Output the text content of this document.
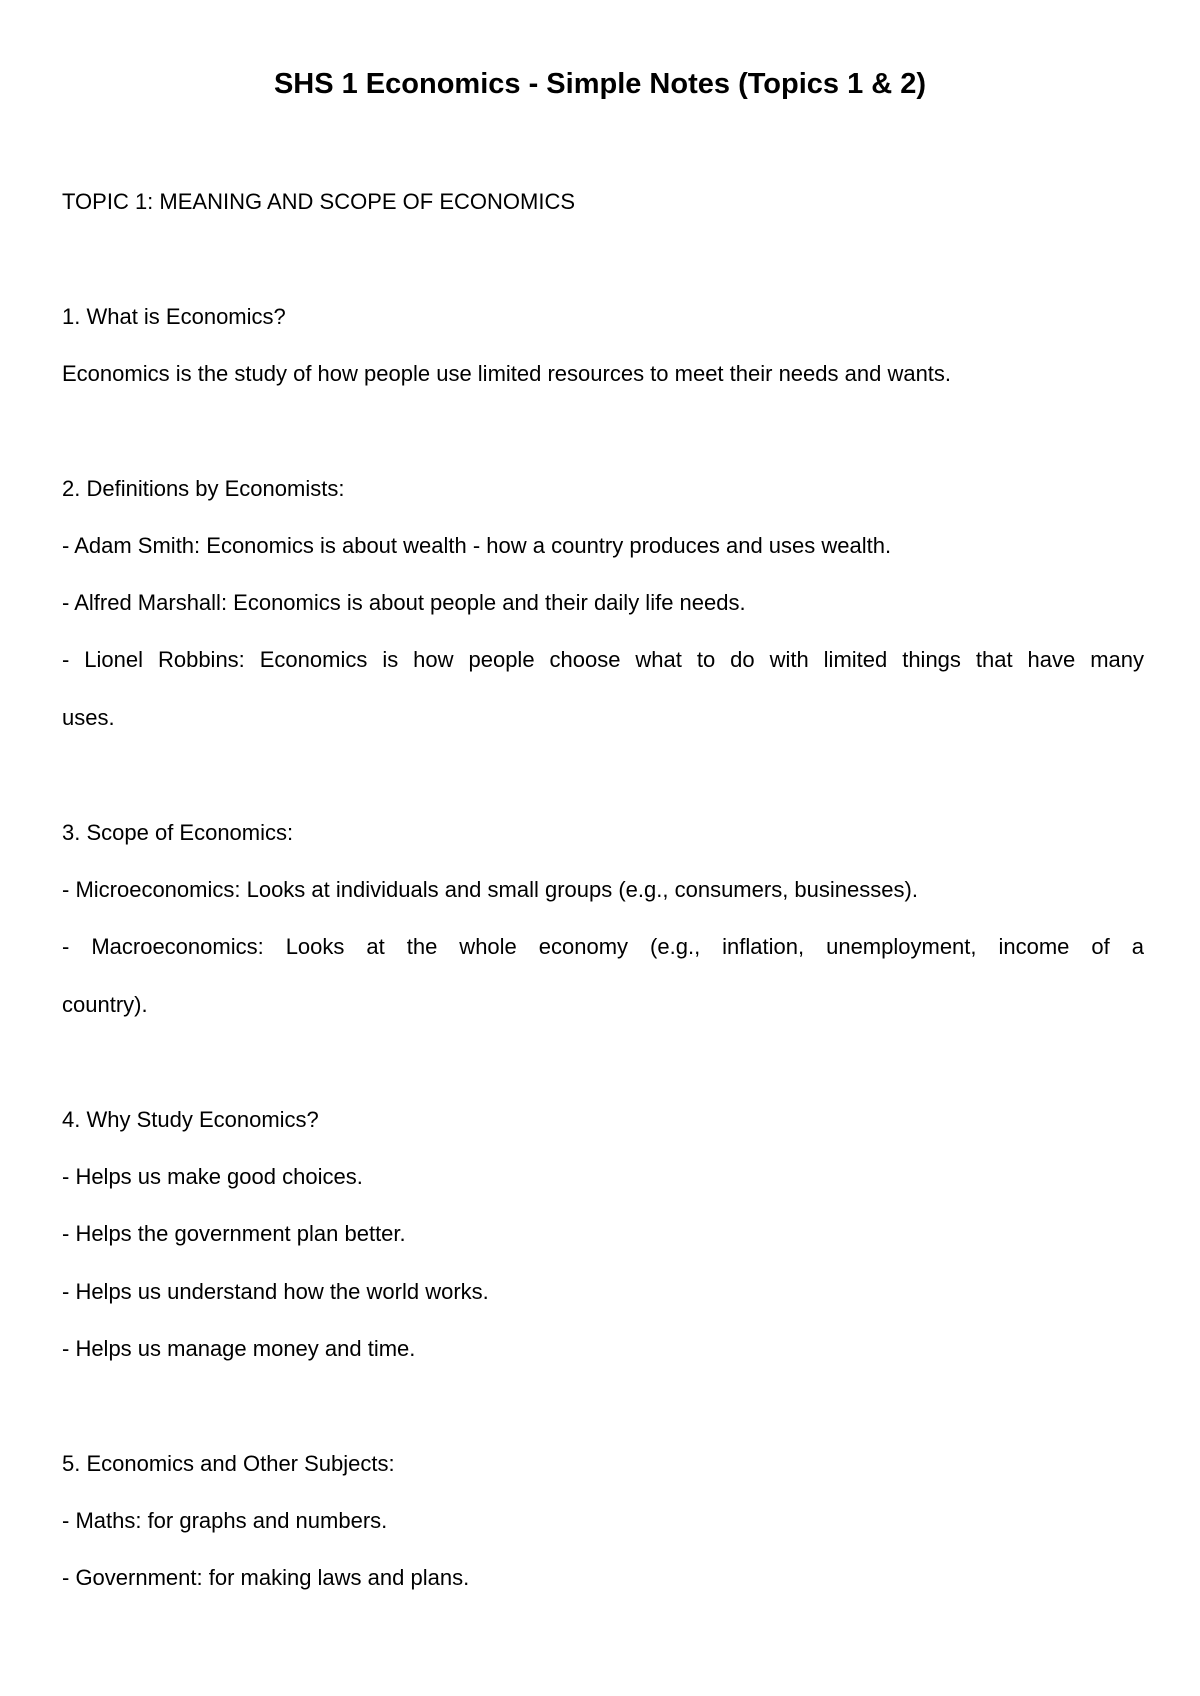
SHS 1 Economics - Simple Notes (Topics 1 & 2)

TOPIC 1: MEANING AND SCOPE OF ECONOMICS

1. What is Economics?

Economics is the study of how people use limited resources to meet their needs and wants.

2. Definitions by Economists:

- Adam Smith: Economics is about wealth - how a country produces and uses wealth.

- Alfred Marshall: Economics is about people and their daily life needs.

- Lionel Robbins: Economics is how people choose what to do with limited things that have many

uses.

3. Scope of Economics:

- Microeconomics: Looks at individuals and small groups (e.g., consumers, businesses).

- Macroeconomics: Looks at the whole economy (e.g., inflation, unemployment, income of a

country).

4. Why Study Economics?

- Helps us make good choices.

- Helps the government plan better.

- Helps us understand how the world works.

- Helps us manage money and time.

5. Economics and Other Subjects:

- Maths: for graphs and numbers.

- Government: for making laws and plans.
